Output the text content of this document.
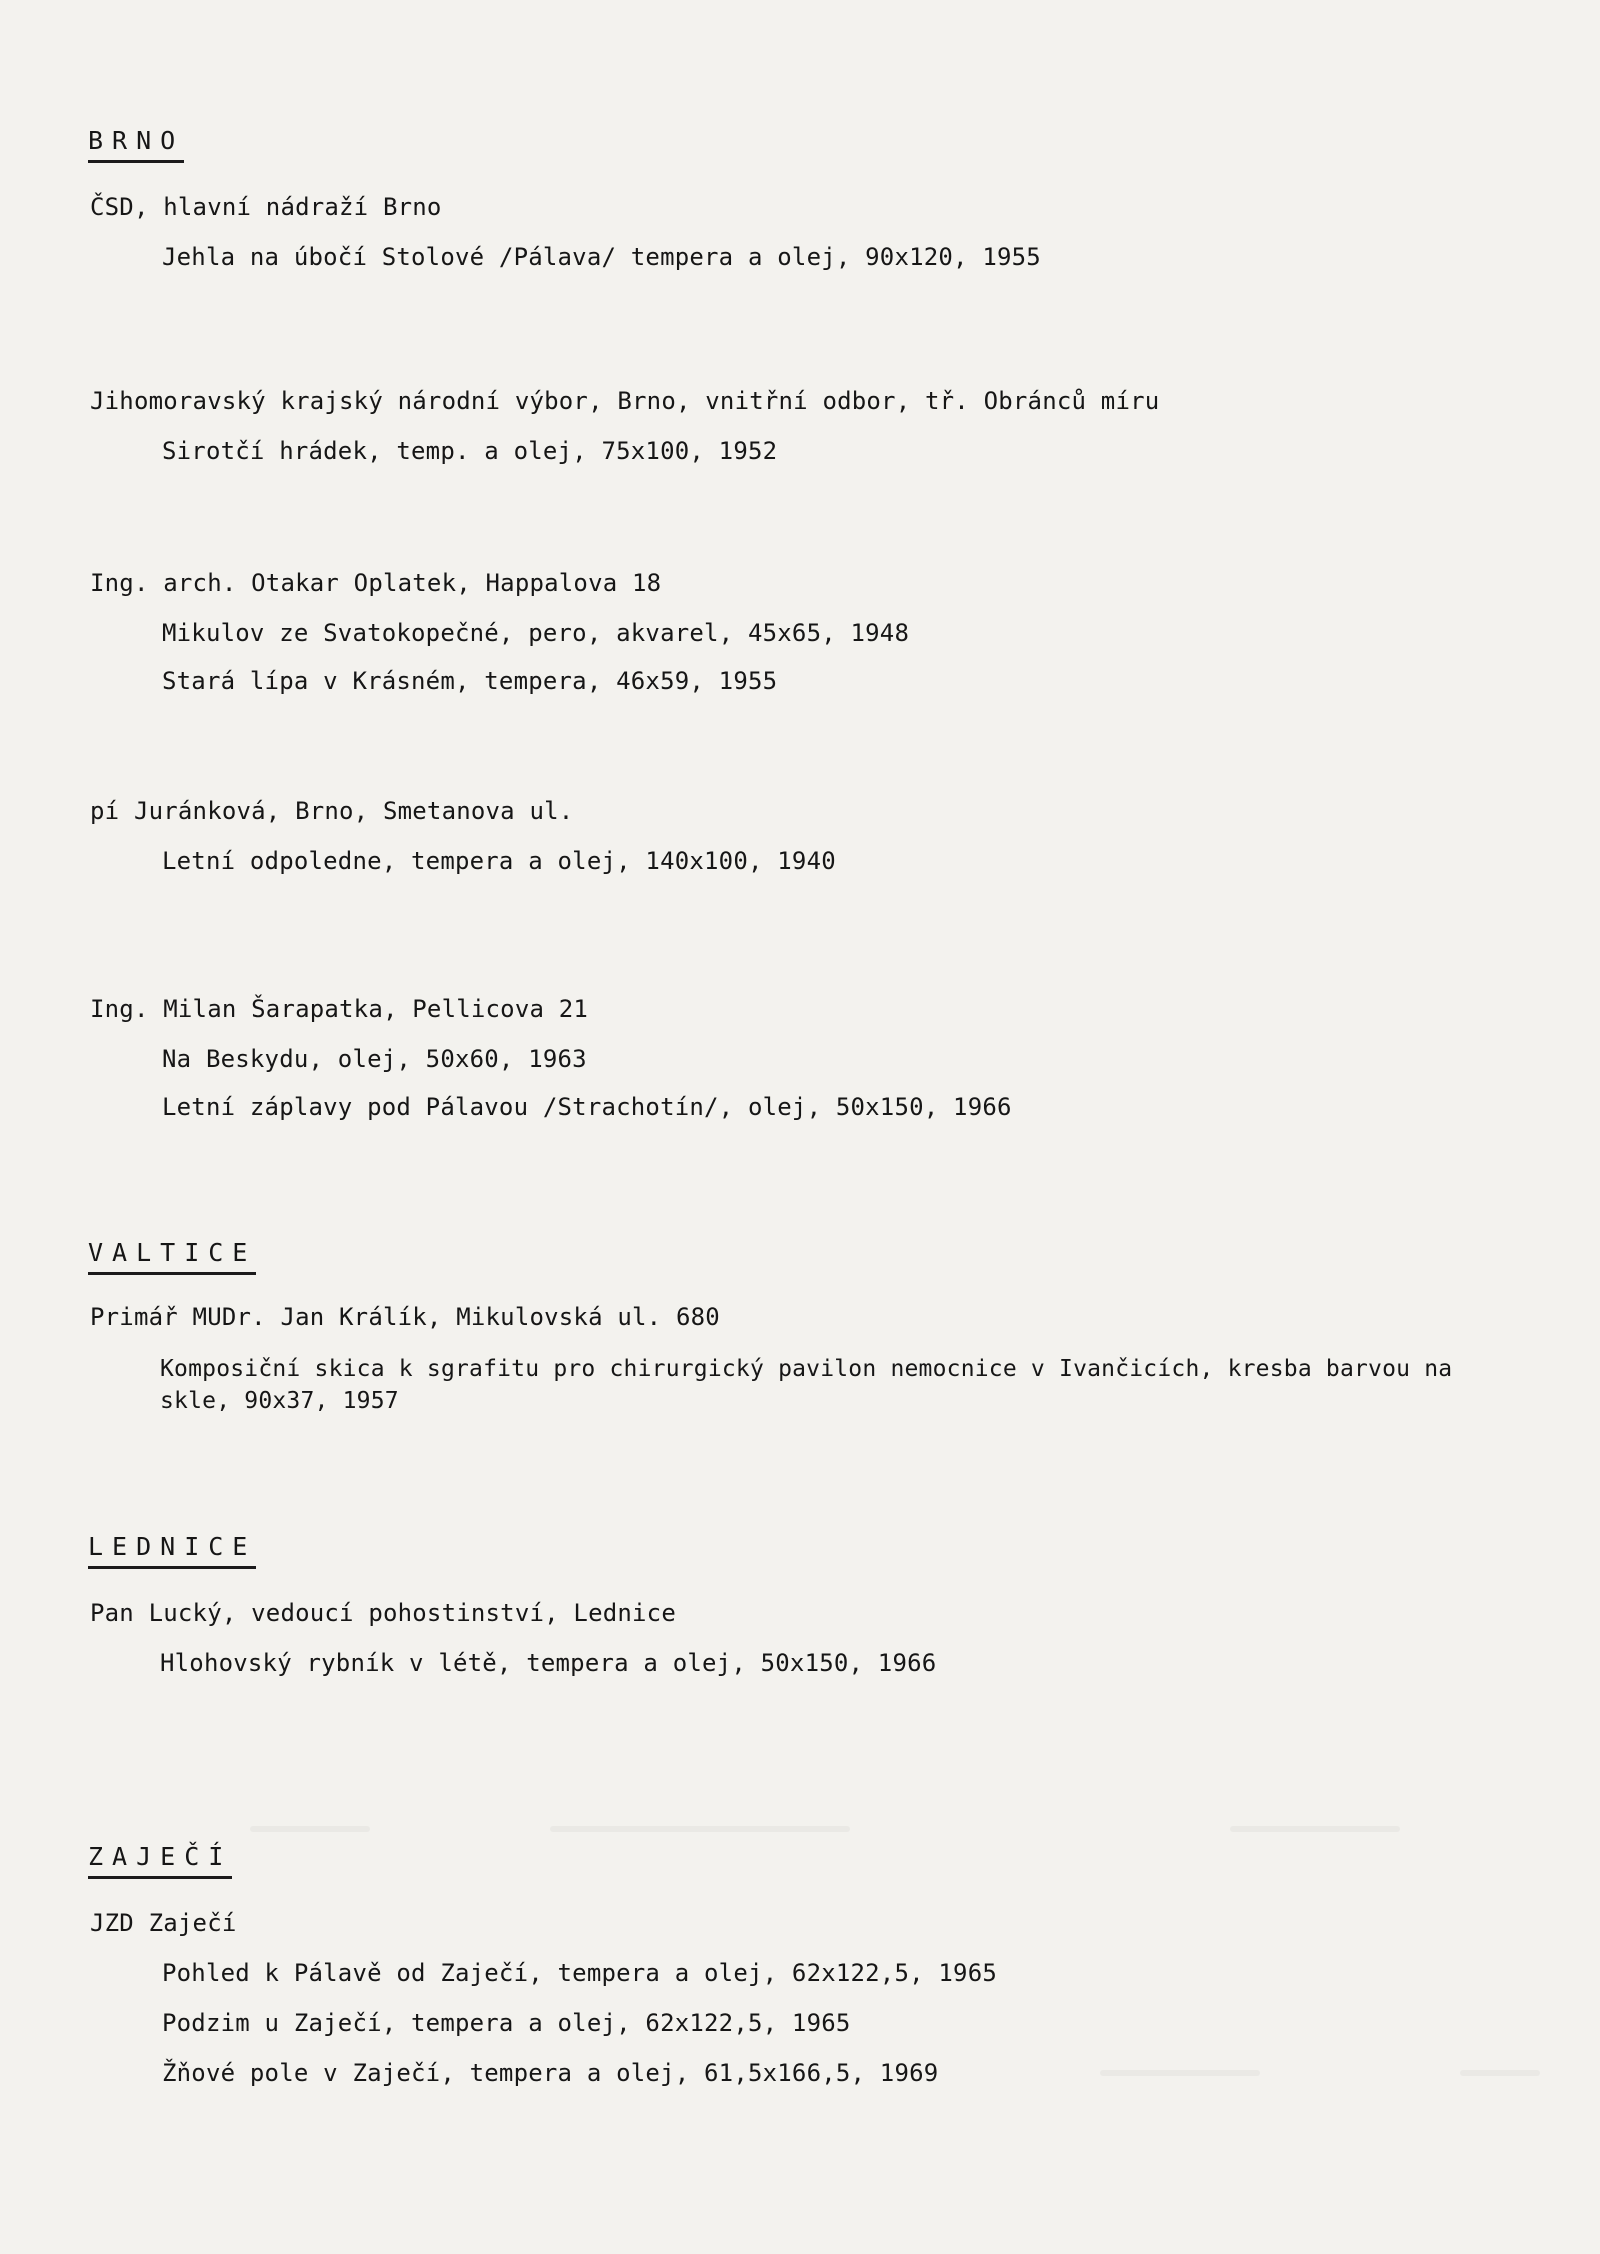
BRNO
ČSD, hlavní nádraží Brno
Jehla na úbočí Stolové /Pálava/ tempera a olej, 90x120, 1955
Jihomoravský krajský národní výbor, Brno, vnitřní odbor, tř. Obránců míru
Sirotčí hrádek, temp. a olej, 75x100, 1952
Ing. arch. Otakar Oplatek, Happalova 18
Mikulov ze Svatokopečné, pero, akvarel, 45x65, 1948
Stará lípa v Krásném, tempera, 46x59, 1955
pí Juránková, Brno, Smetanova ul.
Letní odpoledne, tempera a olej, 140x100, 1940
Ing. Milan Šarapatka, Pellicova 21
Na Beskydu, olej, 50x60, 1963
Letní záplavy pod Pálavou /Strachotín/, olej, 50x150, 1966
VALTICE
Primář MUDr. Jan Králík, Mikulovská ul. 680
Komposiční skica k sgrafitu pro chirurgický pavilon nemocnice v Ivančicích, kresba barvou na
skle, 90x37, 1957
LEDNICE
Pan Lucký, vedoucí pohostinství, Lednice
Hlohovský rybník v létě, tempera a olej, 50x150, 1966
ZAJEČÍ
JZD Zaječí
Pohled k Pálavě od Zaječí, tempera a olej, 62x122,5, 1965
Podzim u Zaječí, tempera a olej, 62x122,5, 1965
Žňové pole v Zaječí, tempera a olej, 61,5x166,5, 1969
